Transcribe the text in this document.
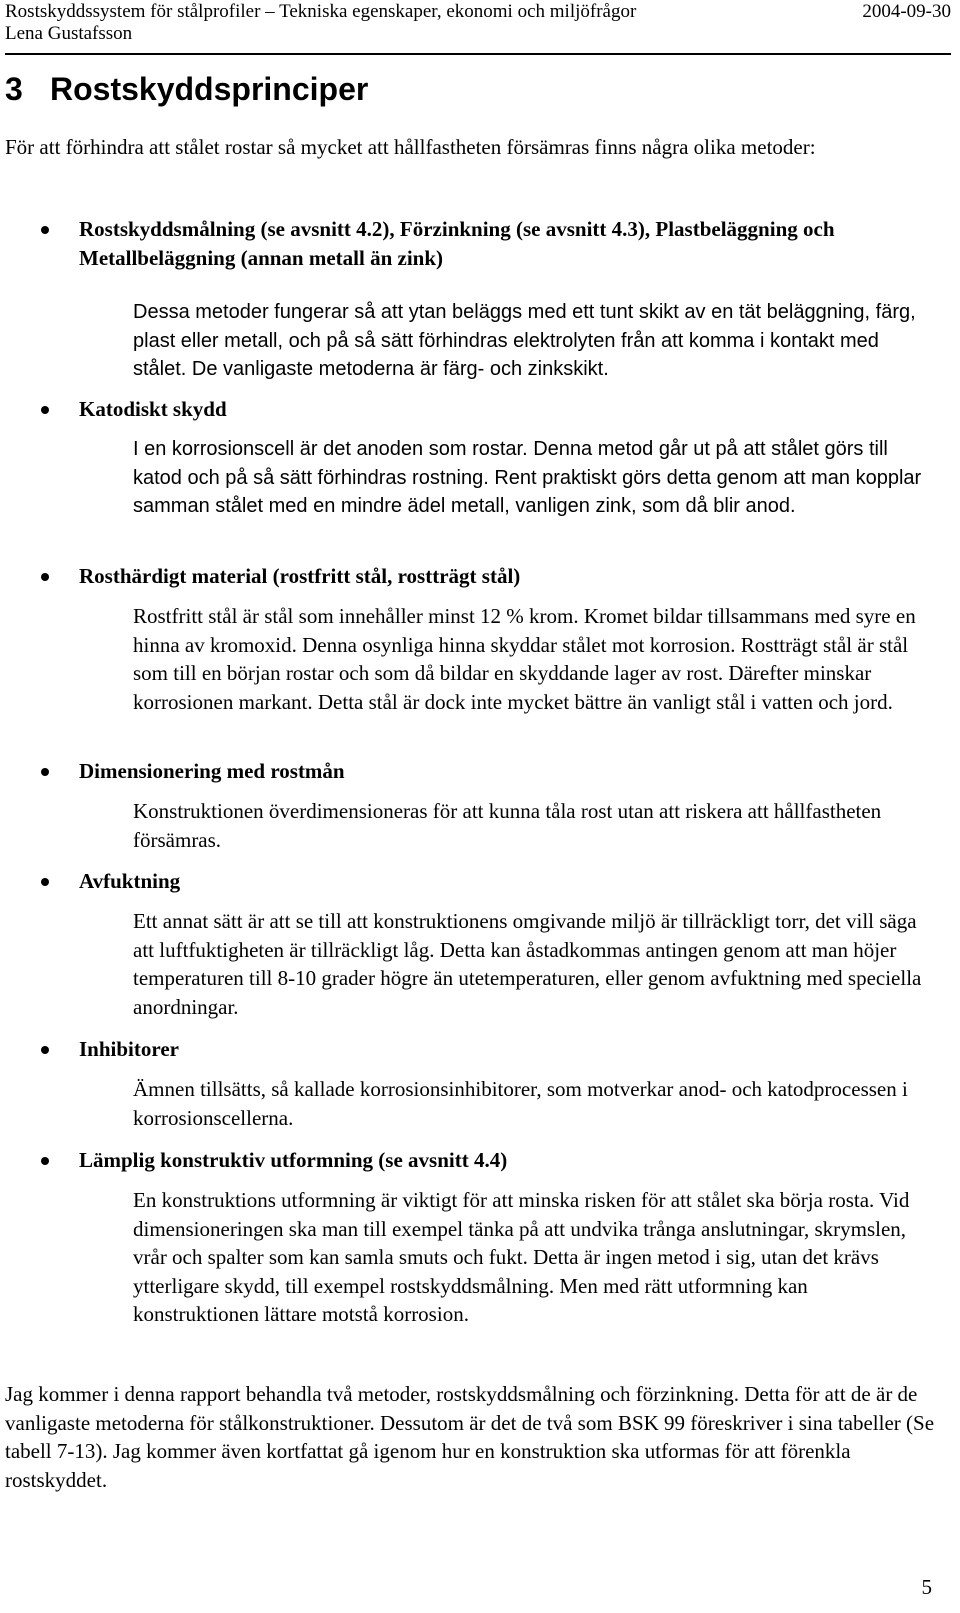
Rostskyddssystem för stålprofiler – Tekniska egenskaper, ekonomi och miljöfrågor	2004-09-30
Lena Gustafsson
3 Rostskyddsprinciper

För att förhindra att stålet rostar så mycket att hållfastheten försämras finns några olika metoder:

Rostskyddsmålning (se avsnitt 4.2), Förzinkning (se avsnitt 4.3), Plastbeläggning och Metallbeläggning (annan metall än zink)

Dessa metoder fungerar så att ytan beläggs med ett tunt skikt av en tät beläggning, färg, plast eller metall, och på så sätt förhindras elektrolyten från att komma i kontakt med stålet. De vanligaste metoderna är färg- och zinkskikt.

Katodiskt skydd

I en korrosionscell är det anoden som rostar. Denna metod går ut på att stålet görs till katod och på så sätt förhindras rostning. Rent praktiskt görs detta genom att man kopplar samman stålet med en mindre ädel metall, vanligen zink, som då blir anod.

Rosthärdigt material (rostfritt stål, rostträgt stål)

Rostfritt stål är stål som innehåller minst 12 % krom. Kromet bildar tillsammans med syre en hinna av kromoxid. Denna osynliga hinna skyddar stålet mot korrosion. Rostträgt stål är stål som till en början rostar och som då bildar en skyddande lager av rost. Därefter minskar korrosionen markant. Detta stål är dock inte mycket bättre än vanligt stål i vatten och jord.

Dimensionering med rostmån

Konstruktionen överdimensioneras för att kunna tåla rost utan att riskera att hållfastheten försämras.

Avfuktning

Ett annat sätt är att se till att konstruktionens omgivande miljö är tillräckligt torr, det vill säga att luftfuktigheten är tillräckligt låg. Detta kan åstadkommas antingen genom att man höjer temperaturen till 8-10 grader högre än utetemperaturen, eller genom avfuktning med speciella anordningar.

Inhibitorer

Ämnen tillsätts, så kallade korrosionsinhibitorer, som motverkar anod- och katodprocessen i korrosionscellerna.

Lämplig konstruktiv utformning (se avsnitt 4.4)

En konstruktions utformning är viktigt för att minska risken för att stålet ska börja rosta. Vid dimensioneringen ska man till exempel tänka på att undvika trånga anslutningar, skrymslen, vrår och spalter som kan samla smuts och fukt. Detta är ingen metod i sig, utan det krävs ytterligare skydd, till exempel rostskyddsmålning. Men med rätt utformning kan konstruktionen lättare motstå korrosion.

Jag kommer i denna rapport behandla två metoder, rostskyddsmålning och förzinkning. Detta för att de är de vanligaste metoderna för stålkonstruktioner. Dessutom är det de två som BSK 99 föreskriver i sina tabeller (Se tabell 7-13). Jag kommer även kortfattat gå igenom hur en konstruktion ska utformas för att förenkla rostskyddet.

5
